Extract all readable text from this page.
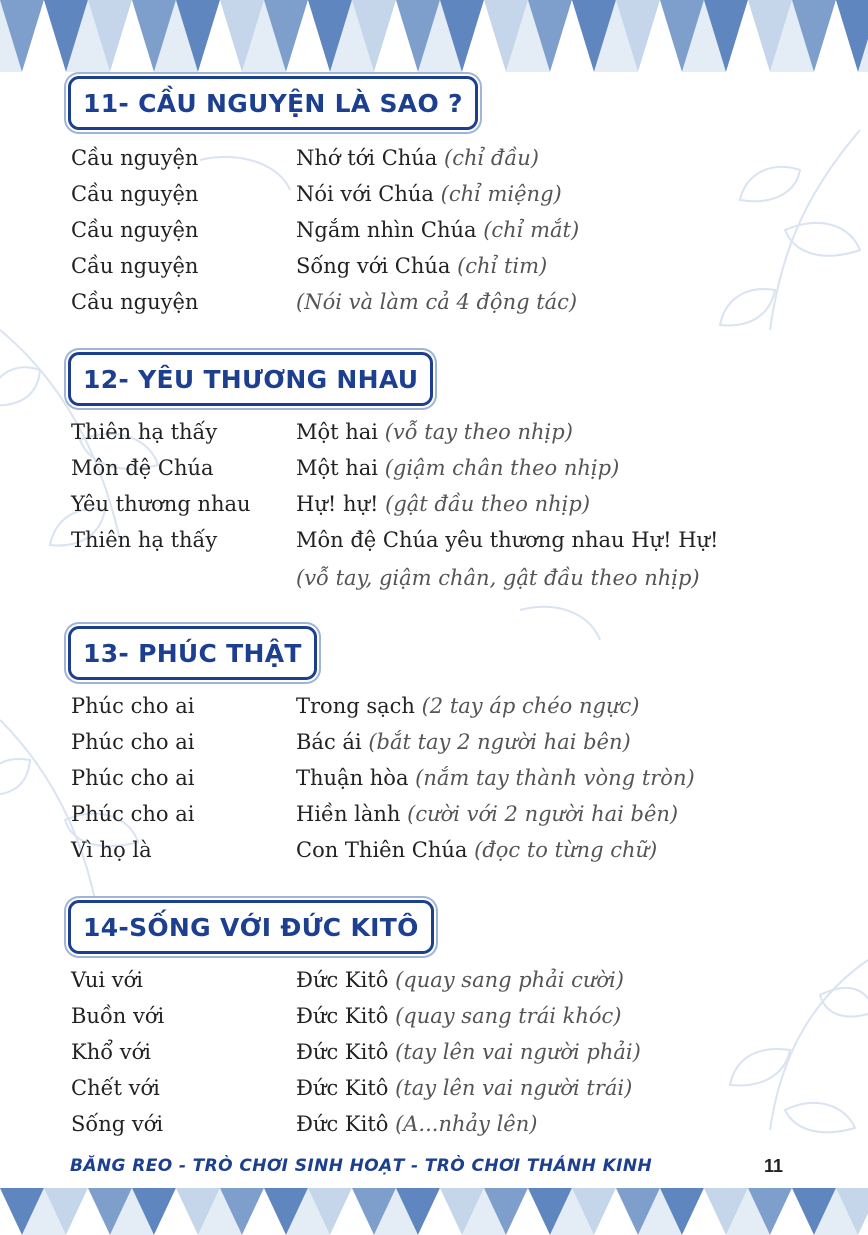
11- CẦU NGUYỆN LÀ SAO ?
Cầu nguyện	Nhớ tới Chúa (chỉ đầu)
Cầu nguyện	Nói với Chúa (chỉ miệng)
Cầu nguyện	Ngắm nhìn Chúa (chỉ mắt)
Cầu nguyện	Sống với Chúa (chỉ tim)
Cầu nguyện	(Nói và làm cả 4 động tác)
12- YÊU THƯƠNG NHAU
Thiên hạ thấy	Một hai (vỗ tay theo nhịp)
Môn đệ Chúa	Một hai (giậm chân theo nhịp)
Yêu thương nhau	Hự! hự! (gật đầu theo nhịp)
Thiên hạ thấy	Môn đệ Chúa yêu thương nhau Hự! Hự!
(vỗ tay, giậm chân, gật đầu theo nhịp)
13- PHÚC THẬT
Phúc cho ai	Trong sạch (2 tay áp chéo ngực)
Phúc cho ai	Bác ái (bắt tay 2 người hai bên)
Phúc cho ai	Thuận hòa (nắm tay thành vòng tròn)
Phúc cho ai	Hiền lành (cười với 2 người hai bên)
Vì họ là	Con Thiên Chúa (đọc to từng chữ)
14-SỐNG VỚI ĐỨC KITÔ
Vui với	Đức Kitô (quay sang phải cười)
Buồn với	Đức Kitô (quay sang trái khóc)
Khổ với	Đức Kitô (tay lên vai người phải)
Chết với	Đức Kitô (tay lên vai người trái)
Sống với	Đức Kitô (A...nhảy lên)
BĂNG REO - TRÒ CHƠI SINH HOẠT - TRÒ CHƠI THÁNH KINH	11
